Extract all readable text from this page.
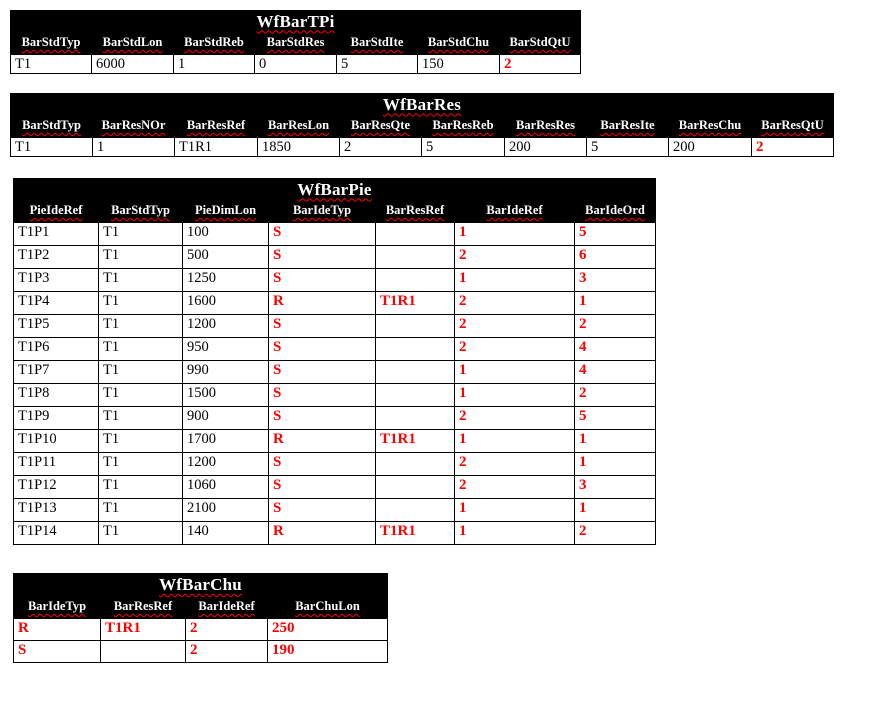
WfBarTPi						
BarStdTyp	BarStdLon	BarStdReb	BarStdRes	BarStdIte	BarStdChu	BarStdQtU
T1	6000	1	0	5	150	2
WfBarRes									
BarStdTyp	BarResNOr	BarResRef	BarResLon	BarResQte	BarResReb	BarResRes	BarResIte	BarResChu	BarResQtU
T1	1	T1R1	1850	2	5	200	5	200	2
WfBarPie						
PieIdeRef	BarStdTyp	PieDimLon	BarIdeTyp	BarResRef	BarIdeRef	BarIdeOrd
T1P1	T1	100	S		1	5
T1P2	T1	500	S		2	6
T1P3	T1	1250	S		1	3
T1P4	T1	1600	R	T1R1	2	1
T1P5	T1	1200	S		2	2
T1P6	T1	950	S		2	4
T1P7	T1	990	S		1	4
T1P8	T1	1500	S		1	2
T1P9	T1	900	S		2	5
T1P10	T1	1700	R	T1R1	1	1
T1P11	T1	1200	S		2	1
T1P12	T1	1060	S		2	3
T1P13	T1	2100	S		1	1
T1P14	T1	140	R	T1R1	1	2
WfBarChu			
BarIdeTyp	BarResRef	BarIdeRef	BarChuLon
R	T1R1	2	250
S		2	190
